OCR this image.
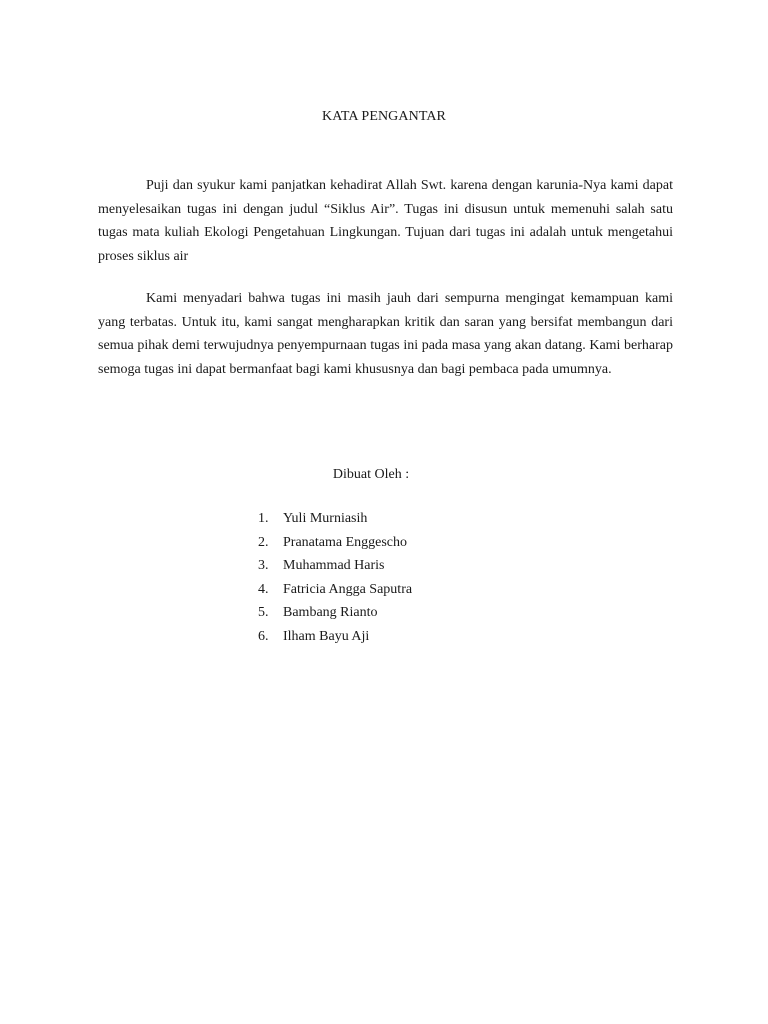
KATA PENGANTAR

Puji dan syukur kami panjatkan kehadirat Allah Swt. karena dengan karunia-Nya kami dapat menyelesaikan tugas ini dengan judul “Siklus Air”. Tugas ini disusun untuk memenuhi salah satu tugas mata kuliah Ekologi Pengetahuan Lingkungan. Tujuan dari tugas ini adalah untuk mengetahui proses siklus air

Kami menyadari bahwa tugas ini masih jauh dari sempurna mengingat kemampuan kami yang terbatas. Untuk itu, kami sangat mengharapkan kritik dan saran yang bersifat membangun dari semua pihak demi terwujudnya penyempurnaan tugas ini pada masa yang akan datang. Kami berharap semoga tugas ini dapat bermanfaat bagi kami khususnya dan bagi pembaca pada umumnya.

Dibuat Oleh :
1.	Yuli Murniasih
2.	Pranatama Enggescho
3.	Muhammad Haris
4.	Fatricia Angga Saputra
5.	Bambang Rianto
6.	Ilham Bayu Aji
